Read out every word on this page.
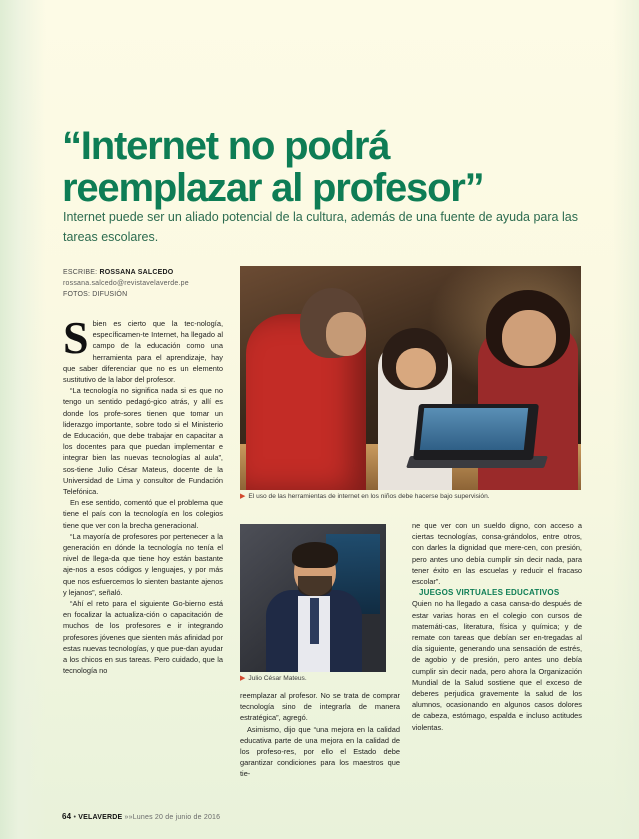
“Internet no podrá
reemplazar al profesor”
Internet puede ser un aliado potencial de la cultura, además de una fuente de ayuda para las tareas escolares.
ESCRIBE: ROSSANA SALCEDO
rossana.salcedo@revistavelaverde.pe
FOTOS: DIFUSIÓN
▶ El uso de las herramientas de internet en los niños debe hacerse bajo supervisión.
▶ Julio César Mateus.

Sbien es cierto que la tec-nología, específicamen-te Internet, ha llegado al campo de la educación como una herramienta para el aprendizaje, hay que saber diferenciar que no es un elemento sustitutivo de la labor del profesor.

“La tecnología no significa nada si es que no tengo un sentido pedagó-gico atrás, y allí es donde los profe-sores tienen que tomar un liderazgo importante, sobre todo si el Ministerio de Educación, que debe trabajar en capacitar a los docentes para que puedan implementar e integrar bien las nuevas tecnologías al aula”, sos-tiene Julio César Mateus, docente de la Universidad de Lima y consultor de Fundación Telefónica.

En ese sentido, comentó que el problema que tiene el país con la tecnología en los colegios tiene que ver con la brecha generacional.

“La mayoría de profesores por pertenecer a la generación en dónde la tecnología no tenía el nivel de llega-da que tiene hoy están bastante aje-nos a esos códigos y lenguajes, y por más que nos esfuercemos lo sienten bastante ajenos y lejanos”, señaló.

“Ahí el reto para el siguiente Go-bierno está en focalizar la actualiza-ción o capacitación de muchos de los profesores e ir integrando profesores jóvenes que sienten más afinidad por estas nuevas tecnologías, y que pue-dan ayudar a los chicos en sus tareas. Pero cuidado, que la tecnología no

reemplazar al profesor. No se trata de comprar tecnología sino de integrarla de manera estratégica”, agregó.

Asimismo, dijo que “una mejora en la calidad educativa parte de una mejora en la calidad de los profeso-res, por ello el Estado debe garantizar condiciones para los maestros que tie-

ne que ver con un sueldo digno, con acceso a ciertas tecnologías, consa-grándolos, entre otros, con darles la dignidad que mere-cen, con presión, pero antes uno debía cumplir sin decir nada, para tener éxito en las escuelas y reducir el fracaso escolar”.

JUEGOS VIRTUALES EDUCATIVOS

Quien no ha llegado a casa cansa-do después de estar varias horas en el colegio con cursos de matemáti-cas, literatura, física y química; y de remate con tareas que debían ser en-tregadas al día siguiente, generando una sensación de estrés, de agobio y de presión, pero antes uno debía cumplir sin decir nada, pero ahora la Organización Mundial de la Salud sostiene que el exceso de deberes perjudica gravemente la salud de los alumnos, ocasionando en algunos casos dolores de cabeza, estómago, espalda e incluso actitudes violentas.

64 • VELAVERDE »»Lunes 20 de junio de 2016
